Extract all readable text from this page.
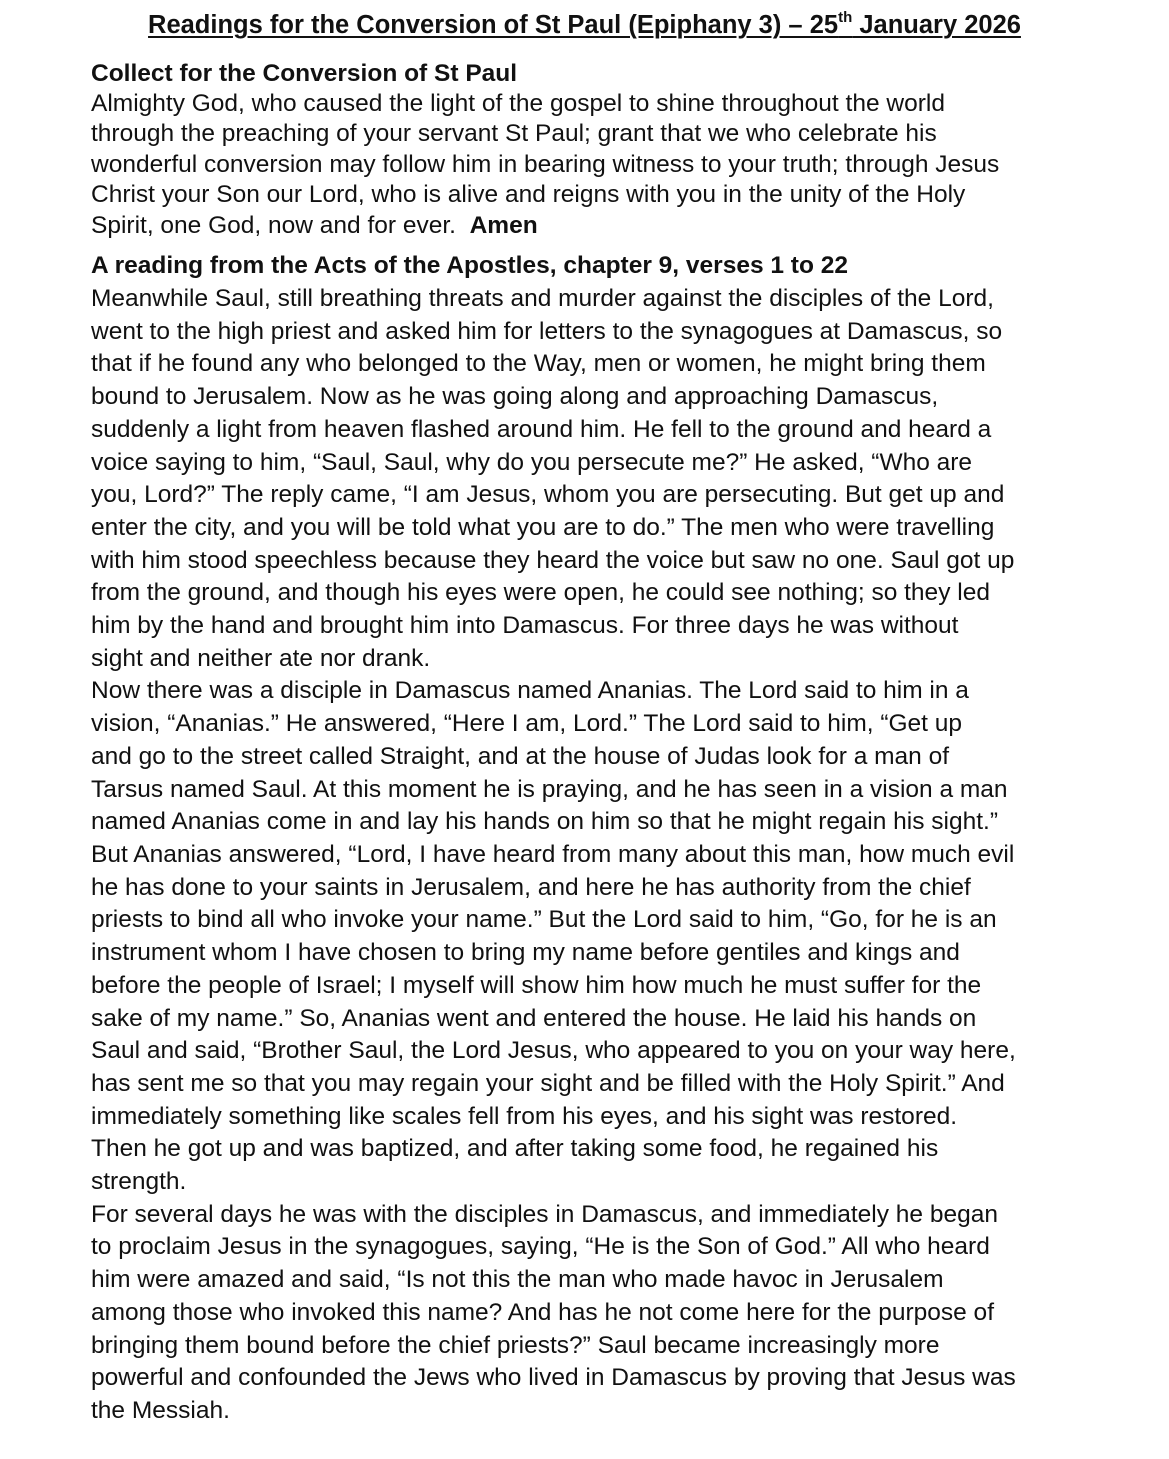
Readings for the Conversion of St Paul (Epiphany 3) – 25th January 2026

Collect for the Conversion of St Paul

Almighty God, who caused the light of the gospel to shine throughout the world
through the preaching of your servant St Paul; grant that we who celebrate his
wonderful conversion may follow him in bearing witness to your truth; through Jesus
Christ your Son our Lord, who is alive and reigns with you in the unity of the Holy
Spirit, one God, now and for ever.  Amen

A reading from the Acts of the Apostles, chapter 9, verses 1 to 22

Meanwhile Saul, still breathing threats and murder against the disciples of the Lord,
went to the high priest and asked him for letters to the synagogues at Damascus, so
that if he found any who belonged to the Way, men or women, he might bring them
bound to Jerusalem. Now as he was going along and approaching Damascus,
suddenly a light from heaven flashed around him. He fell to the ground and heard a
voice saying to him, “Saul, Saul, why do you persecute me?” He asked, “Who are
you, Lord?” The reply came, “I am Jesus, whom you are persecuting. But get up and
enter the city, and you will be told what you are to do.” The men who were travelling
with him stood speechless because they heard the voice but saw no one. Saul got up
from the ground, and though his eyes were open, he could see nothing; so they led
him by the hand and brought him into Damascus. For three days he was without
sight and neither ate nor drank.
Now there was a disciple in Damascus named Ananias. The Lord said to him in a
vision, “Ananias.” He answered, “Here I am, Lord.” The Lord said to him, “Get up
and go to the street called Straight, and at the house of Judas look for a man of
Tarsus named Saul. At this moment he is praying, and he has seen in a vision a man
named Ananias come in and lay his hands on him so that he might regain his sight.”
But Ananias answered, “Lord, I have heard from many about this man, how much evil
he has done to your saints in Jerusalem, and here he has authority from the chief
priests to bind all who invoke your name.” But the Lord said to him, “Go, for he is an
instrument whom I have chosen to bring my name before gentiles and kings and
before the people of Israel; I myself will show him how much he must suffer for the
sake of my name.” So, Ananias went and entered the house. He laid his hands on
Saul and said, “Brother Saul, the Lord Jesus, who appeared to you on your way here,
has sent me so that you may regain your sight and be filled with the Holy Spirit.” And
immediately something like scales fell from his eyes, and his sight was restored.
Then he got up and was baptized, and after taking some food, he regained his
strength.
For several days he was with the disciples in Damascus, and immediately he began
to proclaim Jesus in the synagogues, saying, “He is the Son of God.” All who heard
him were amazed and said, “Is not this the man who made havoc in Jerusalem
among those who invoked this name? And has he not come here for the purpose of
bringing them bound before the chief priests?” Saul became increasingly more
powerful and confounded the Jews who lived in Damascus by proving that Jesus was
the Messiah.
